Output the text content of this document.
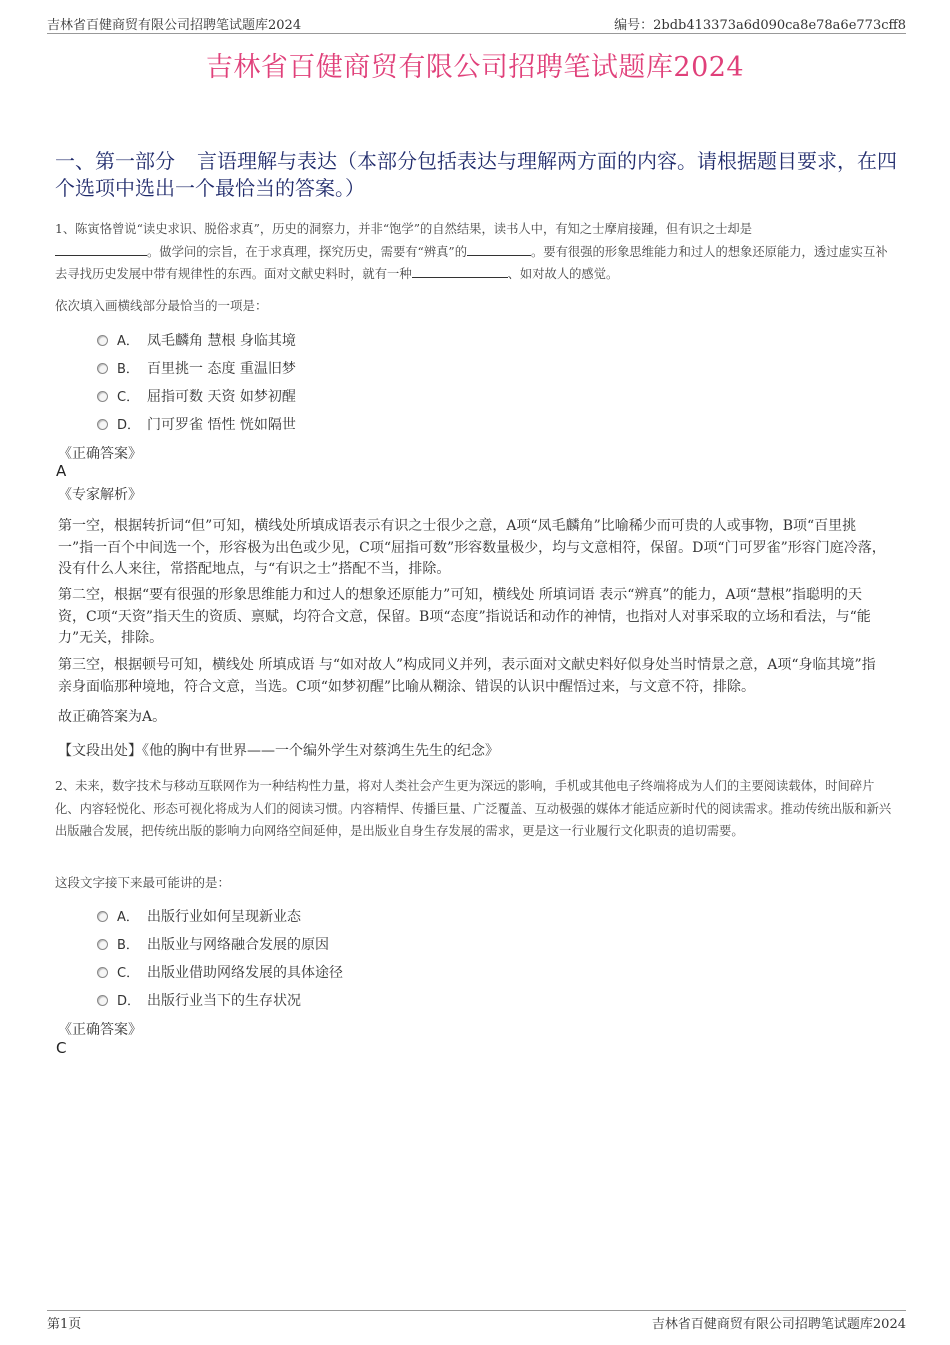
吉林省百健商贸有限公司招聘笔试题库2024	编号：2bdb413373a6d090ca8e78a6e773cff8
吉林省百健商贸有限公司招聘笔试题库2024
一、第一部分 言语理解与表达（本部分包括表达与理解两方面的内容。请根据题目要求，在四个选项中选出一个最恰当的答案。）
1、陈寅恪曾说“读史求识、脱俗求真”，历史的洞察力，并非“饱学”的自然结果，读书人中，有知之士摩肩接踵，但有识之士却是
。做学问的宗旨，在于求真理，探究历史，需要有“辨真”的	。要有很强的形象思维能力和过人的想象还原能力，透过虚实互补去寻找历史发展中带有规律性的东西。面对文献史料时，就有一种	、如对故人的感觉。
依次填入画横线部分最恰当的一项是：
A． 凤毛麟角 慧根 身临其境
B． 百里挑一 态度 重温旧梦
C． 屈指可数 天资 如梦初醒
D． 门可罗雀 悟性 恍如隔世
《正确答案》
A
《专家解析》
第一空，根据转折词“但”可知，横线处所填成语表示有识之士很少之意，A项“凤毛麟角”比喻稀少而可贵的人或事物，B项“百里挑一”指一百个中间选一个，形容极为出色或少见，C项“屈指可数”形容数量极少，均与文意相符，保留。D项“门可罗雀”形容门庭冷落，没有什么人来往，常搭配地点，与“有识之士”搭配不当，排除。
第二空，根据“要有很强的形象思维能力和过人的想象还原能力”可知，横线处 所填词语 表示“辨真”的能力，A项“慧根”指聪明的天资，C项“天资”指天生的资质、禀赋，均符合文意，保留。B项“态度”指说话和动作的神情，也指对人对事采取的立场和看法，与“能力”无关，排除。
第三空，根据顿号可知，横线处 所填成语 与“如对故人”构成同义并列，表示面对文献史料好似身处当时情景之意，A项“身临其境”指亲身面临那种境地，符合文意，当选。C项“如梦初醒”比喻从糊涂、错误的认识中醒悟过来，与文意不符，排除。
故正确答案为A。
【文段出处】《他的胸中有世界——一个编外学生对蔡鸿生先生的纪念》
2、未来，数字技术与移动互联网作为一种结构性力量，将对人类社会产生更为深远的影响，手机或其他电子终端将成为人们的主要阅读载体，时间碎片化、内容轻悦化、形态可视化将成为人们的阅读习惯。内容精悍、传播巨量、广泛覆盖、互动极强的媒体才能适应新时代的阅读需求。推动传统出版和新兴出版融合发展，把传统出版的影响力向网络空间延伸，是出版业自身生存发展的需求，更是这一行业履行文化职责的追切需要。
这段文字接下来最可能讲的是：
A． 出版行业如何呈现新业态
B． 出版业与网络融合发展的原因
C． 出版业借助网络发展的具体途径
D． 出版行业当下的生存状况
《正确答案》
C
第1页	吉林省百健商贸有限公司招聘笔试题库2024
